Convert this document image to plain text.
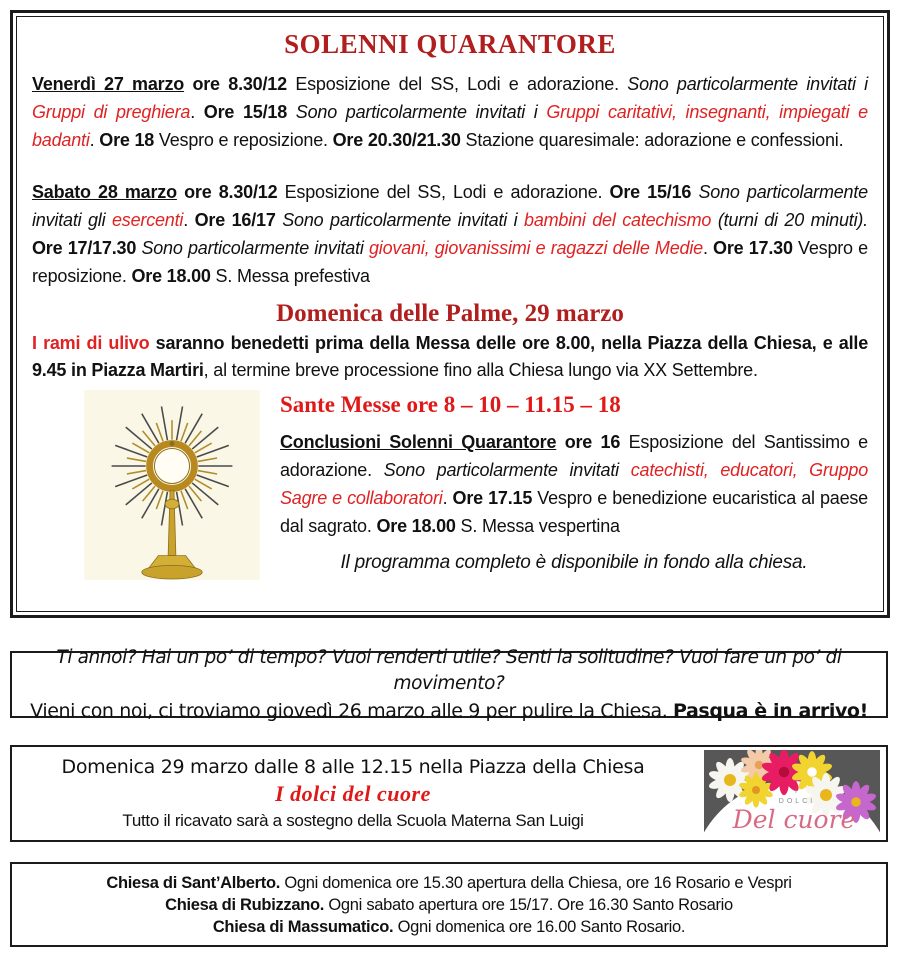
SOLENNI QUARANTORE

Venerdì 27 marzo ore 8.30/12 Esposizione del SS, Lodi e adorazione. Sono particolarmente invitati i Gruppi di preghiera. Ore 15/18 Sono particolarmente invitati i Gruppi caritativi, insegnanti, impiegati e badanti. Ore 18 Vespro e reposizione. Ore 20.30/21.30 Stazione quaresimale: adorazione e confessioni.

Sabato 28 marzo ore 8.30/12 Esposizione del SS, Lodi e adorazione. Ore 15/16 Sono particolarmente invitati gli esercenti. Ore 16/17 Sono particolarmente invitati i bambini del catechismo (turni di 20 minuti). Ore 17/17.30 Sono particolarmente invitati giovani, giovanissimi e ragazzi delle Medie. Ore 17.30 Vespro e reposizione. Ore 18.00 S. Messa prefestiva

Domenica delle Palme, 29 marzo

I rami di ulivo saranno benedetti prima della Messa delle ore 8.00, nella Piazza della Chiesa, e alle 9.45 in Piazza Martiri, al termine breve processione fino alla Chiesa lungo via XX Settembre.

Sante Messe ore 8 – 10 – 11.15 – 18

Conclusioni Solenni Quarantore ore 16 Esposizione del Santissimo e adorazione. Sono particolarmente invitati catechisti, educatori, Gruppo Sagre e collaboratori. Ore 17.15 Vespro e benedizione eucaristica al paese dal sagrato. Ore 18.00 S. Messa vespertina

Il programma completo è disponibile in fondo alla chiesa.
Ti annoi? Hai un po’ di tempo? Vuoi renderti utile? Senti la solitudine? Vuoi fare un po’ di movimento?
Vieni con noi, ci troviamo giovedì 26 marzo alle 9 per pulire la Chiesa. Pasqua è in arrivo!
Domenica 29 marzo dalle 8 alle 12.15 nella Piazza della Chiesa
I dolci del cuore
Tutto il ricavato sarà a sostegno della Scuola Materna San Luigi
I
DOLCI
Del cuore
Chiesa di Sant’Alberto. Ogni domenica ore 15.30 apertura della Chiesa, ore 16 Rosario e Vespri
Chiesa di Rubizzano. Ogni sabato apertura ore 15/17. Ore 16.30 Santo Rosario
Chiesa di Massumatico. Ogni domenica ore 16.00 Santo Rosario.
